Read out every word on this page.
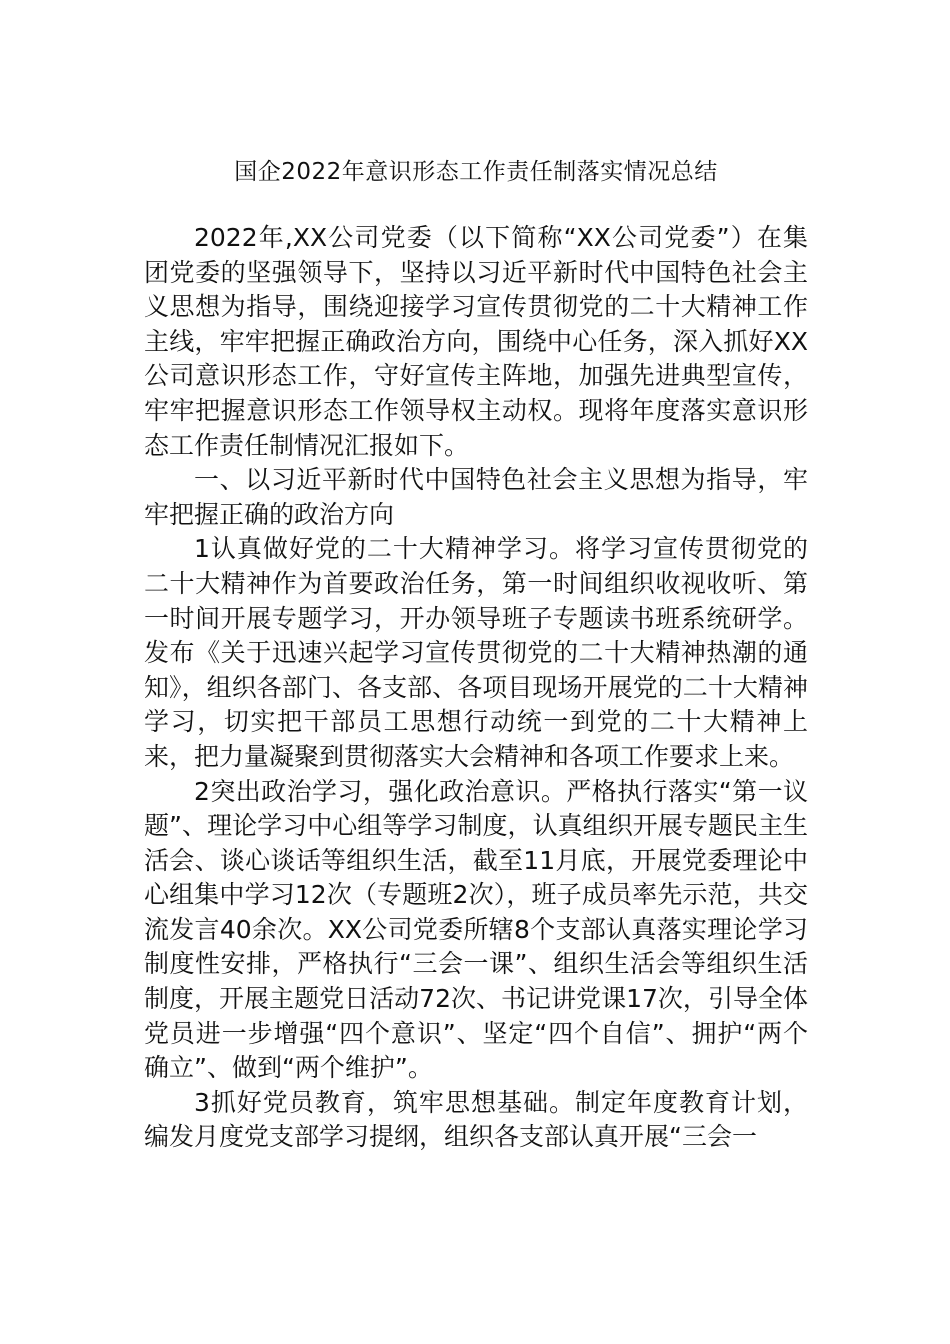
国企2022年意识形态工作责任制落实情况总结

2022年,XX公司党委（以下简称“XX公司党委”）在集团党委的坚强领导下，坚持以习近平新时代中国特色社会主义思想为指导，围绕迎接学习宣传贯彻党的二十大精神工作主线，牢牢把握正确政治方向，围绕中心任务，深入抓好XX公司意识形态工作，守好宣传主阵地，加强先进典型宣传，牢牢把握意识形态工作领导权主动权。现将年度落实意识形态工作责任制情况汇报如下。

一、以习近平新时代中国特色社会主义思想为指导，牢牢把握正确的政治方向

1认真做好党的二十大精神学习。将学习宣传贯彻党的二十大精神作为首要政治任务，第一时间组织收视收听、第一时间开展专题学习，开办领导班子专题读书班系统研学。发布《关于迅速兴起学习宣传贯彻党的二十大精神热潮的通知》，组织各部门、各支部、各项目现场开展党的二十大精神学习，切实把干部员工思想行动统一到党的二十大精神上来，把力量凝聚到贯彻落实大会精神和各项工作要求上来。

2突出政治学习，强化政治意识。严格执行落实“第一议题”、理论学习中心组等学习制度，认真组织开展专题民主生活会、谈心谈话等组织生活，截至11月底，开展党委理论中心组集中学习12次（专题班2次），班子成员率先示范，共交流发言40余次。XX公司党委所辖8个支部认真落实理论学习制度性安排，严格执行“三会一课”、组织生活会等组织生活制度，开展主题党日活动72次、书记讲党课17次，引导全体党员进一步增强“四个意识”、坚定“四个自信”、拥护“两个确立”、做到“两个维护”。

3抓好党员教育，筑牢思想基础。制定年度教育计划，编发月度党支部学习提纲，组织各支部认真开展“三会一
